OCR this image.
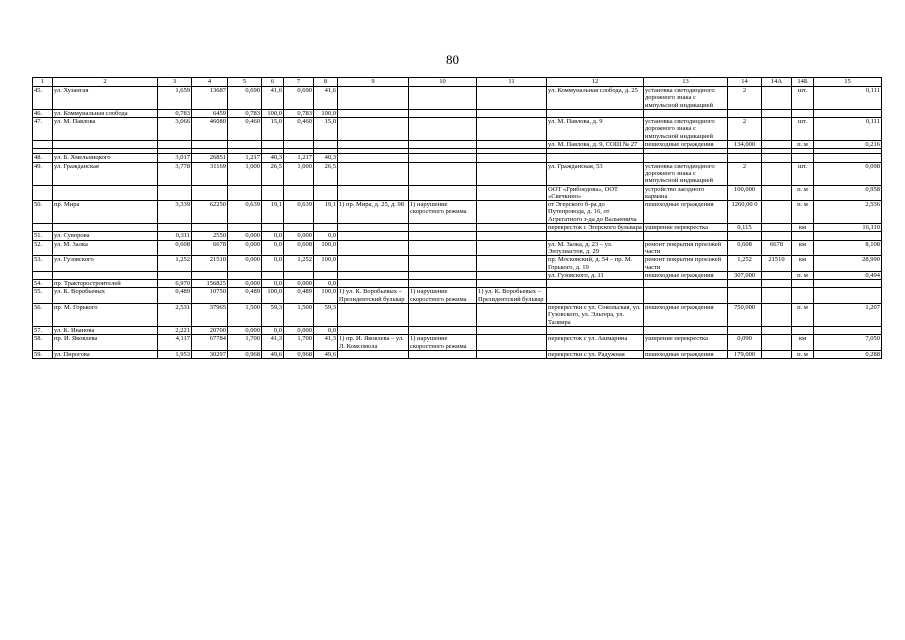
80
1	2	3	4	5	6	7	8	9	10	11	12	13	14	14А	14Б	15
45.	ул. Хузангая	1,659	13687	0,690	41,6	0,690	41,6				ул. Коммунальная слобода, д. 25	установка светодиодного дорожного знака с импульсной индикацией	2		шт.	0,111
46.	ул. Коммунальная слобода	0,783	6459	0,783	100,0	0,783	100,0									
47.	ул. М. Павлова	3,066	46080	0,460	15,0	0,460	15,0				ул. М. Павлова, д. 9	установка светодиодного дорожного знака с импульсной индикацией	2		шт.	0,111
											ул. М. Павлова, д. 9, СОШ № 27	пешеходные ограждения	134,000		п. м	0,216

48.	ул. Б. Хмельницкого	3,017	26851	1,217	40,3	1,217	40,3									
49.	ул. Гражданская	3,778	31169	1,000	26,5	1,000	26,5				ул. Гражданская, 53	установка светодиодного дорожного знака с импульсной индикацией	2		шт.	0,098
											ООТ «Грибоедова», ООТ «Свечкино»	устройство заездного кармана	100,000		п. м	0,958
50.	пр. Мира	3,339	62250	0,639	19,1	0,639	19,1	1) пр. Мира, д. 25, д. 98	1) нарушение скоростного режима		от Эгерского б-ра до Путепровода, д. 16, от Агрегатного з-да до Вальвевича	пешеходные ограждения	1260,00 0		п. м	2,536
											перекресток с Эгерского бульвара	уширение перекрестка	0,115		км	16,110
51.	ул. Суворова	0,311	2550	0,000	0,0	0,000	0,0									
52.	ул. М. Залка	0,608	6678	0,000	0,0	0,608	100,0				ул. М. Залка, д. 23 – ул. Энтузиастов, д. 29	ремонт покрытия проезжей части	0,608	6678	км	8,108
53.	ул. Гузовского	1,252	21510	0,000	0,0	1,252	100,0				пр. Московский, д. 54 – пр. М. Горького, д. 19	ремонт покрытия проезжей части	1,252	21510	км	28,990
											ул. Гузовского, д. 11	пешеходные ограждения	307,000		п. м	0,494
54.	пр. Тракторостроителей	6,970	156825	0,000	0,0	0,000	0,0									
55.	ул. К. Воробьевых	0,489	10750	0,489	100,0	0,489	100,0	1) ул. К. Воробьевых – Президентский бульвар	1) нарушение скоростного режима	1) ул. К. Воробьевых – Президентский бульвар						
56.	пр. М. Горького	2,531	37965	1,500	59,3	1,500	59,3				перекрестки с ул. Сокольская, ул. Гузовского, ул. Эльгера, ул. Талвира	пешеходные ограждения	750,000		п. м	1,207
57.	ул. К. Иванова	2,221	20700	0,000	0,0	0,000	0,0									
58.	пр. И. Яковлева	4,117	67784	1,700	41,3	1,700	41,3	1) пр. И. Яковлева – ул. Л. Комсомола	1) нарушение скоростного режима		перекресток с ул. Ашмарина	уширение перекрестка	0,090		км	7,050
59.	ул. Пирогова	1,953	30297	0,968	49,6	0,968	49,6				перекрестки с ул. Радужная	пешеходные ограждения	179,000		п. м	0,288
